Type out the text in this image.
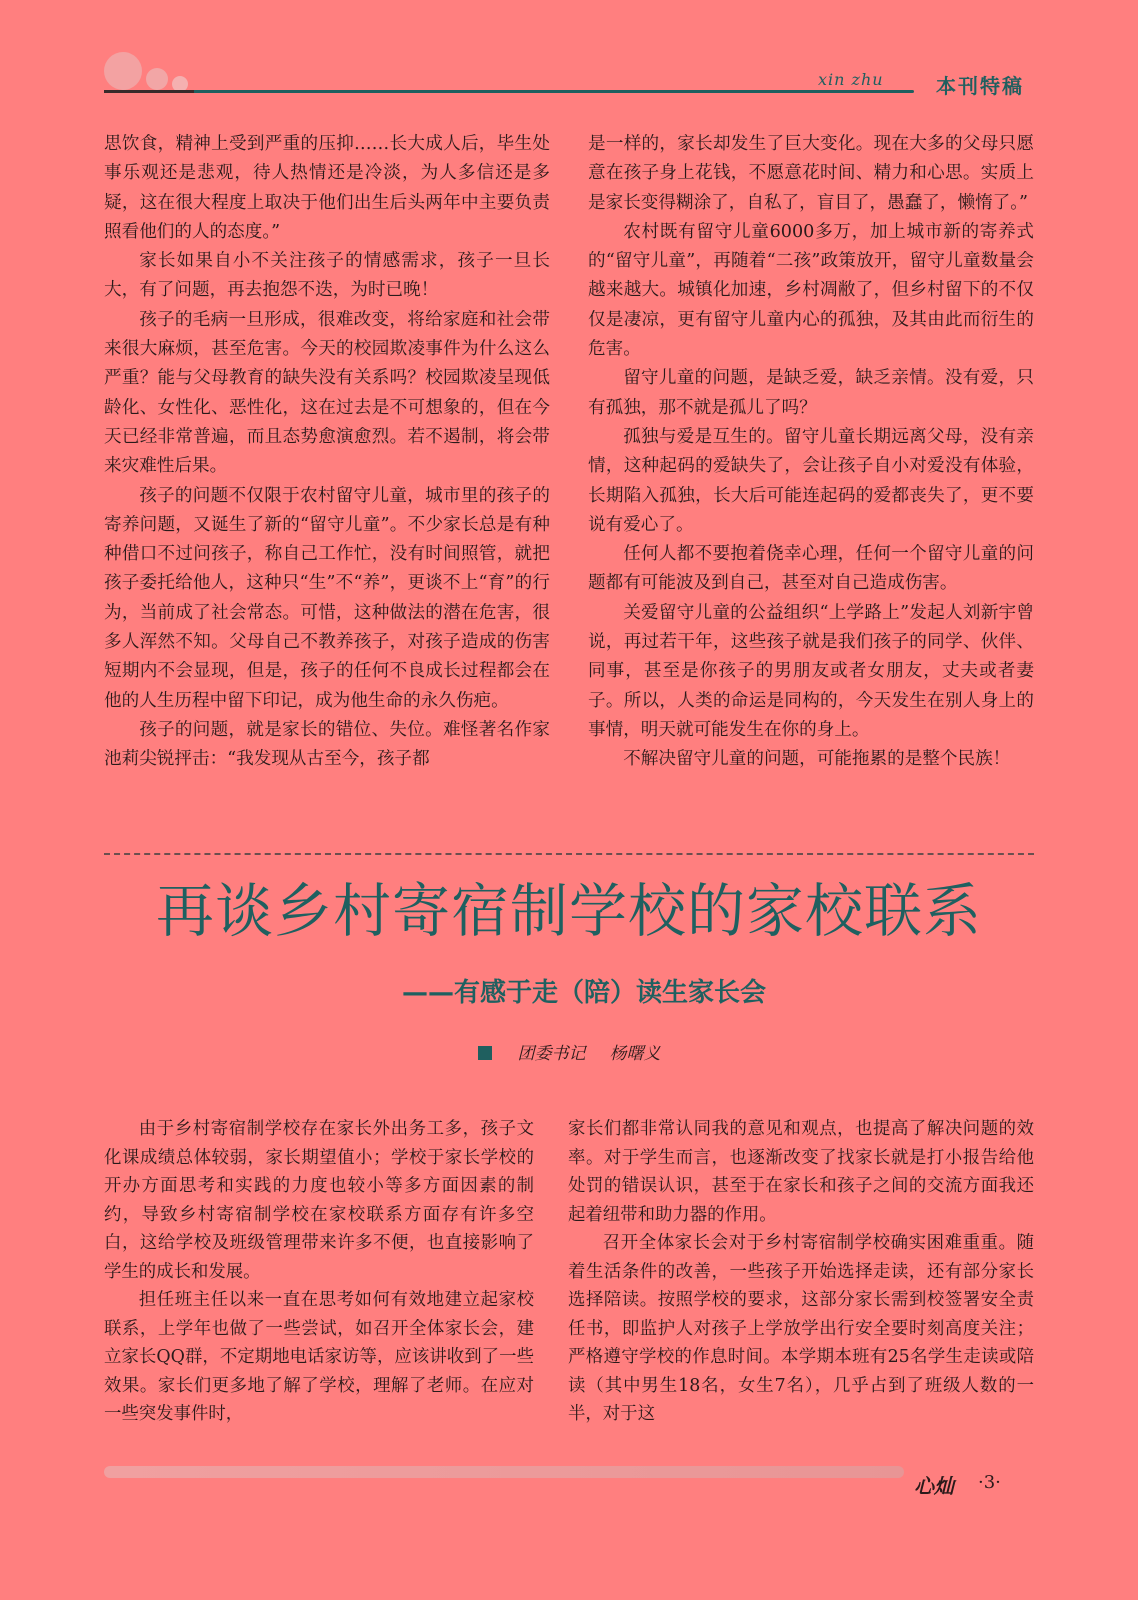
xin zhu	本刊特稿

思饮食，精神上受到严重的压抑……长大成人后，毕生处事乐观还是悲观，待人热情还是冷淡，为人多信还是多疑，这在很大程度上取决于他们出生后头两年中主要负责照看他们的人的态度。”

家长如果自小不关注孩子的情感需求，孩子一旦长大，有了问题，再去抱怨不迭，为时已晚！

孩子的毛病一旦形成，很难改变，将给家庭和社会带来很大麻烦，甚至危害。今天的校园欺凌事件为什么这么严重？能与父母教育的缺失没有关系吗？校园欺凌呈现低龄化、女性化、恶性化，这在过去是不可想象的，但在今天已经非常普遍，而且态势愈演愈烈。若不遏制，将会带来灾难性后果。

孩子的问题不仅限于农村留守儿童，城市里的孩子的寄养问题，又诞生了新的“留守儿童”。不少家长总是有种种借口不过问孩子，称自己工作忙，没有时间照管，就把孩子委托给他人，这种只“生”不“养”，更谈不上“育”的行为，当前成了社会常态。可惜，这种做法的潜在危害，很多人浑然不知。父母自己不教养孩子，对孩子造成的伤害短期内不会显现，但是，孩子的任何不良成长过程都会在他的人生历程中留下印记，成为他生命的永久伤疤。

孩子的问题，就是家长的错位、失位。难怪著名作家池莉尖锐抨击：“我发现从古至今，孩子都

是一样的，家长却发生了巨大变化。现在大多的父母只愿意在孩子身上花钱，不愿意花时间、精力和心思。实质上是家长变得糊涂了，自私了，盲目了，愚蠢了，懒惰了。”

农村既有留守儿童6000多万，加上城市新的寄养式的“留守儿童”，再随着“二孩”政策放开，留守儿童数量会越来越大。城镇化加速，乡村凋敝了，但乡村留下的不仅仅是凄凉，更有留守儿童内心的孤独，及其由此而衍生的危害。

留守儿童的问题，是缺乏爱，缺乏亲情。没有爱，只有孤独，那不就是孤儿了吗？

孤独与爱是互生的。留守儿童长期远离父母，没有亲情，这种起码的爱缺失了，会让孩子自小对爱没有体验，长期陷入孤独，长大后可能连起码的爱都丧失了，更不要说有爱心了。

任何人都不要抱着侥幸心理，任何一个留守儿童的问题都有可能波及到自己，甚至对自己造成伤害。

关爱留守儿童的公益组织“上学路上”发起人刘新宇曾说，再过若干年，这些孩子就是我们孩子的同学、伙伴、同事，甚至是你孩子的男朋友或者女朋友，丈夫或者妻子。所以，人类的命运是同构的，今天发生在别人身上的事情，明天就可能发生在你的身上。

不解决留守儿童的问题，可能拖累的是整个民族！

再谈乡村寄宿制学校的家校联系
——有感于走（陪）读生家长会
团委书记 杨曙义

由于乡村寄宿制学校存在家长外出务工多，孩子文化课成绩总体较弱，家长期望值小；学校于家长学校的开办方面思考和实践的力度也较小等多方面因素的制约，导致乡村寄宿制学校在家校联系方面存有许多空白，这给学校及班级管理带来许多不便，也直接影响了学生的成长和发展。

担任班主任以来一直在思考如何有效地建立起家校联系，上学年也做了一些尝试，如召开全体家长会，建立家长QQ群，不定期地电话家访等，应该讲收到了一些效果。家长们更多地了解了学校，理解了老师。在应对一些突发事件时，

家长们都非常认同我的意见和观点，也提高了解决问题的效率。对于学生而言，也逐渐改变了找家长就是打小报告给他处罚的错误认识，甚至于在家长和孩子之间的交流方面我还起着纽带和助力器的作用。

召开全体家长会对于乡村寄宿制学校确实困难重重。随着生活条件的改善，一些孩子开始选择走读，还有部分家长选择陪读。按照学校的要求，这部分家长需到校签署安全责任书，即监护人对孩子上学放学出行安全要时刻高度关注；严格遵守学校的作息时间。本学期本班有25名学生走读或陪读（其中男生18名，女生7名），几乎占到了班级人数的一半，对于这

心灿 ·3·
